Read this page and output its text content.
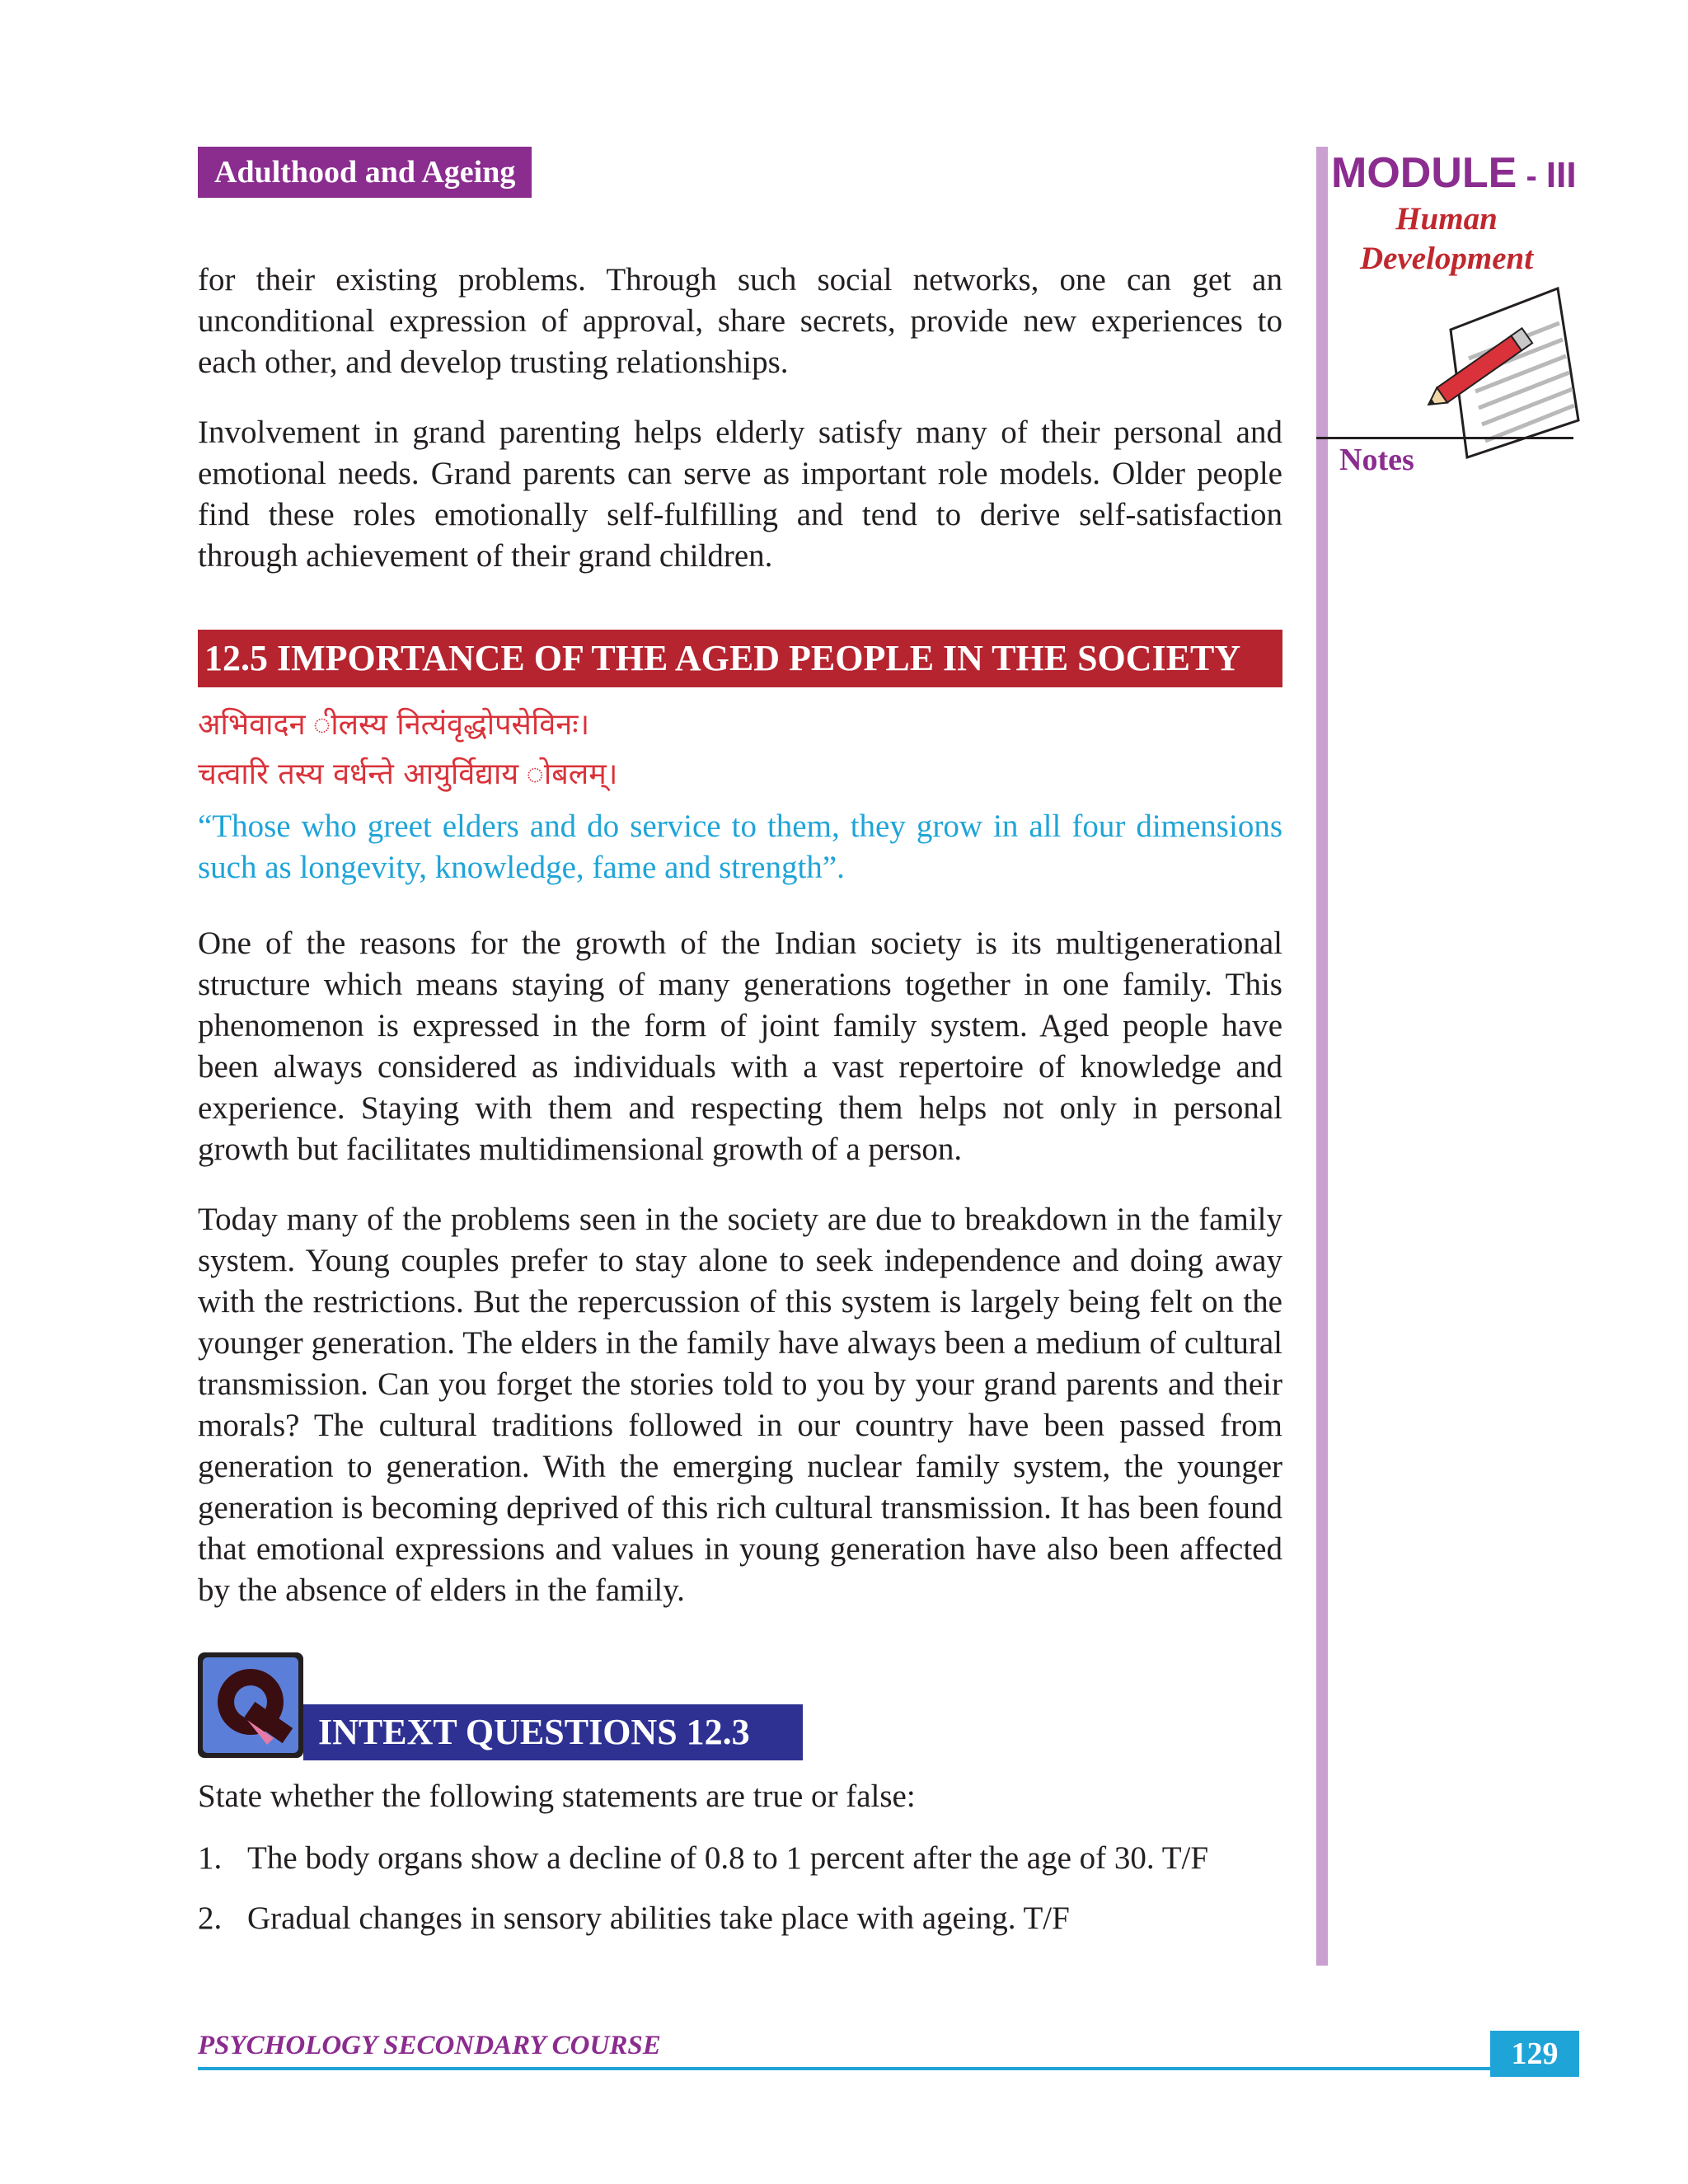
Adulthood and Ageing	MODULE - III
Human
Development
Notes

for their existing problems. Through such social networks, one can get an unconditional expression of approval, share secrets, provide new experiences to each other, and develop trusting relationships.

Involvement in grand parenting helps elderly satisfy many of their personal and emotional needs. Grand parents can serve as important role models. Older people find these roles emotionally self-fulfilling and tend to derive self-satisfaction through achievement of their grand children.

12.5 IMPORTANCE OF THE AGED PEOPLE IN THE SOCIETY
अभिवादन ीलस्य नित्यंवृद्धोपसेविनः।
चत्वारि तस्य वर्धन्ते आयुर्विद्याय ोबलम्।

“Those who greet elders and do service to them, they grow in all four dimensions such as longevity, knowledge, fame and strength”.

One of the reasons for the growth of the Indian society is its multigenerational structure which means staying of many generations together in one family. This phenomenon is expressed in the form of joint family system. Aged people have been always considered as individuals with a vast repertoire of knowledge and experience. Staying with them and respecting them helps not only in personal growth but facilitates multidimensional growth of a person.

Today many of the problems seen in the society are due to breakdown in the family system. Young couples prefer to stay alone to seek independence and doing away with the restrictions. But the repercussion of this system is largely being felt on the younger generation. The elders in the family have always been a medium of cultural transmission. Can you forget the stories told to you by your grand parents and their morals? The cultural traditions followed in our country have been passed from generation to generation. With the emerging nuclear family system, the younger generation is becoming deprived of this rich cultural transmission. It has been found that emotional expressions and values in young generation have also been affected by the absence of elders in the family.

INTEXT QUESTIONS 12.3
State whether the following statements are true or false:
1. The body organs show a decline of 0.8 to 1 percent after the age of 30. T/F
2. Gradual changes in sensory abilities take place with ageing. T/F
PSYCHOLOGY SECONDARY COURSE	129
